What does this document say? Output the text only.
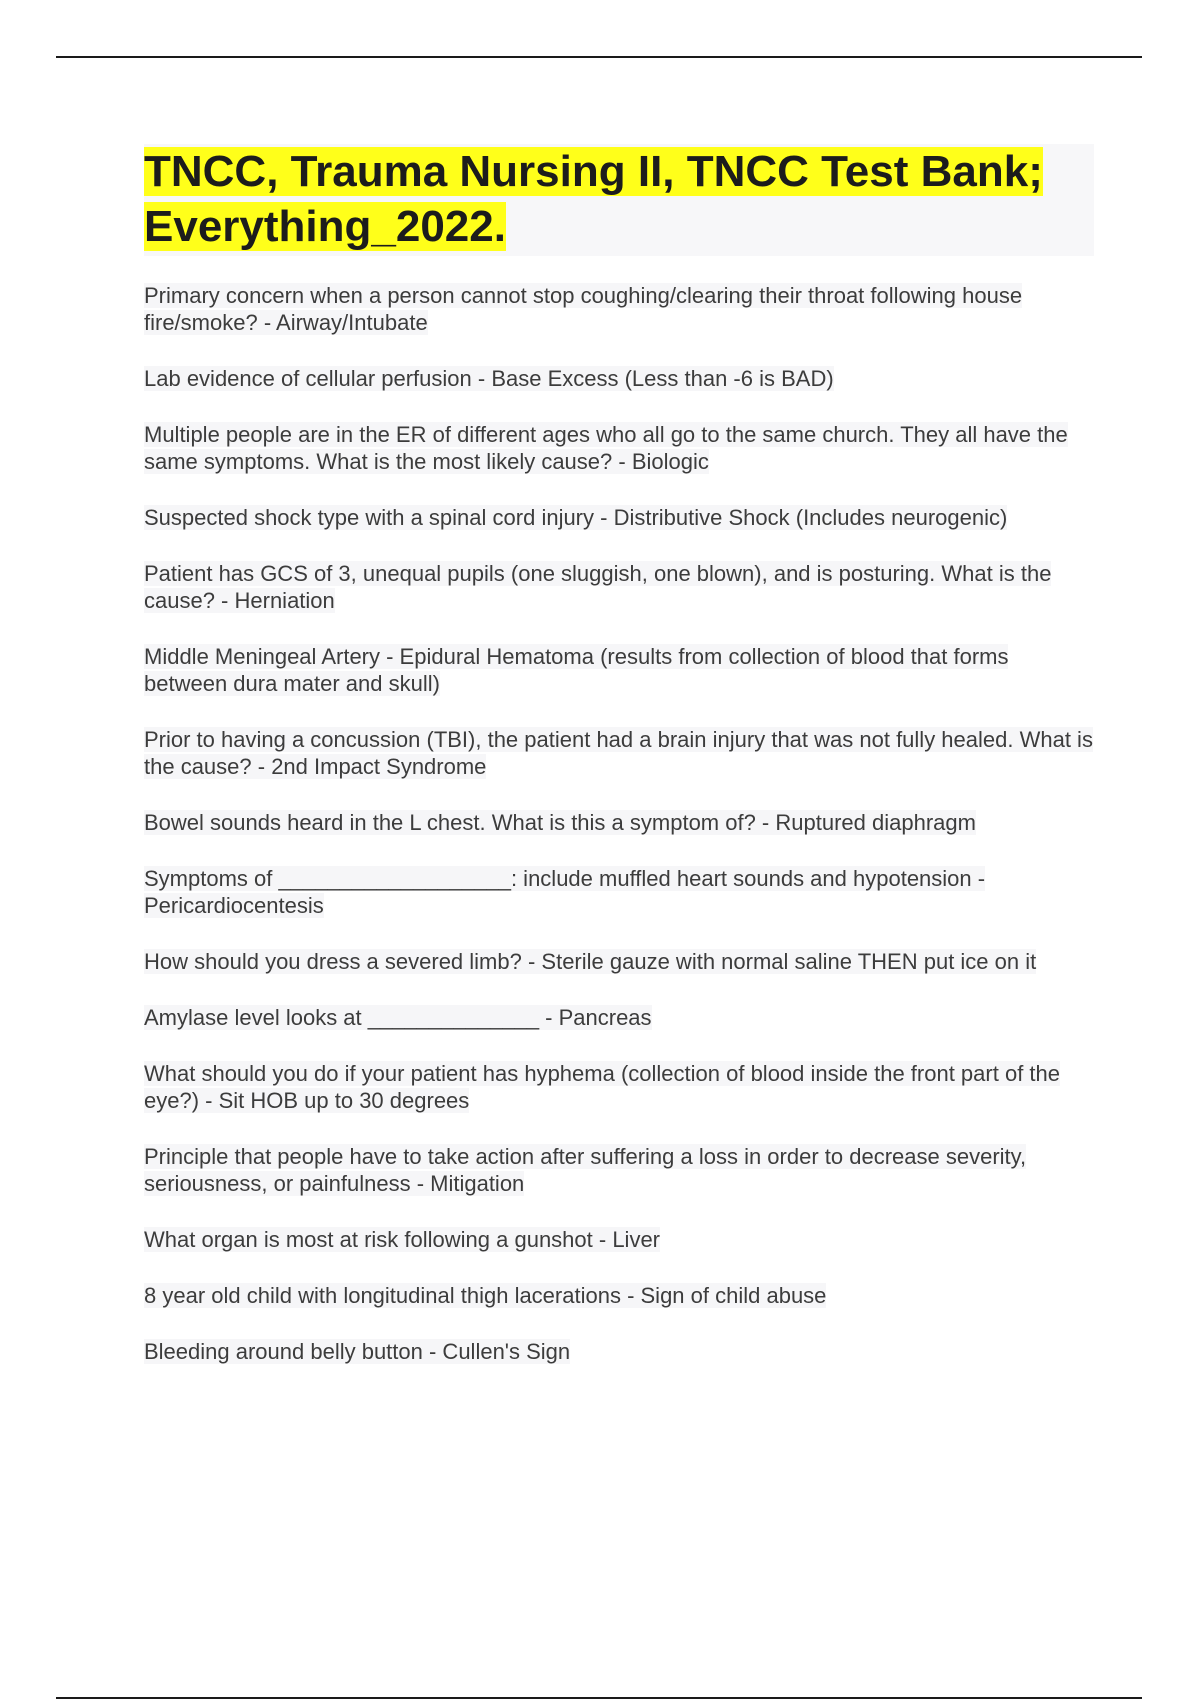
TNCC, Trauma Nursing II, TNCC Test Bank; Everything_2022.
Primary concern when a person cannot stop coughing/clearing their throat following house fire/smoke? - Airway/Intubate
Lab evidence of cellular perfusion - Base Excess (Less than -6 is BAD)
Multiple people are in the ER of different ages who all go to the same church. They all have the same symptoms. What is the most likely cause? - Biologic
Suspected shock type with a spinal cord injury - Distributive Shock (Includes neurogenic)
Patient has GCS of 3, unequal pupils (one sluggish, one blown), and is posturing. What is the cause? - Herniation
Middle Meningeal Artery - Epidural Hematoma (results from collection of blood that forms between dura mater and skull)
Prior to having a concussion (TBI), the patient had a brain injury that was not fully healed. What is the cause? - 2nd Impact Syndrome
Bowel sounds heard in the L chest. What is this a symptom of? - Ruptured diaphragm
Symptoms of ___________________: include muffled heart sounds and hypotension - Pericardiocentesis
How should you dress a severed limb? - Sterile gauze with normal saline THEN put ice on it
Amylase level looks at ______________ - Pancreas
What should you do if your patient has hyphema (collection of blood inside the front part of the eye?) - Sit HOB up to 30 degrees
Principle that people have to take action after suffering a loss in order to decrease severity, seriousness, or painfulness - Mitigation
What organ is most at risk following a gunshot - Liver
8 year old child with longitudinal thigh lacerations - Sign of child abuse
Bleeding around belly button - Cullen's Sign
